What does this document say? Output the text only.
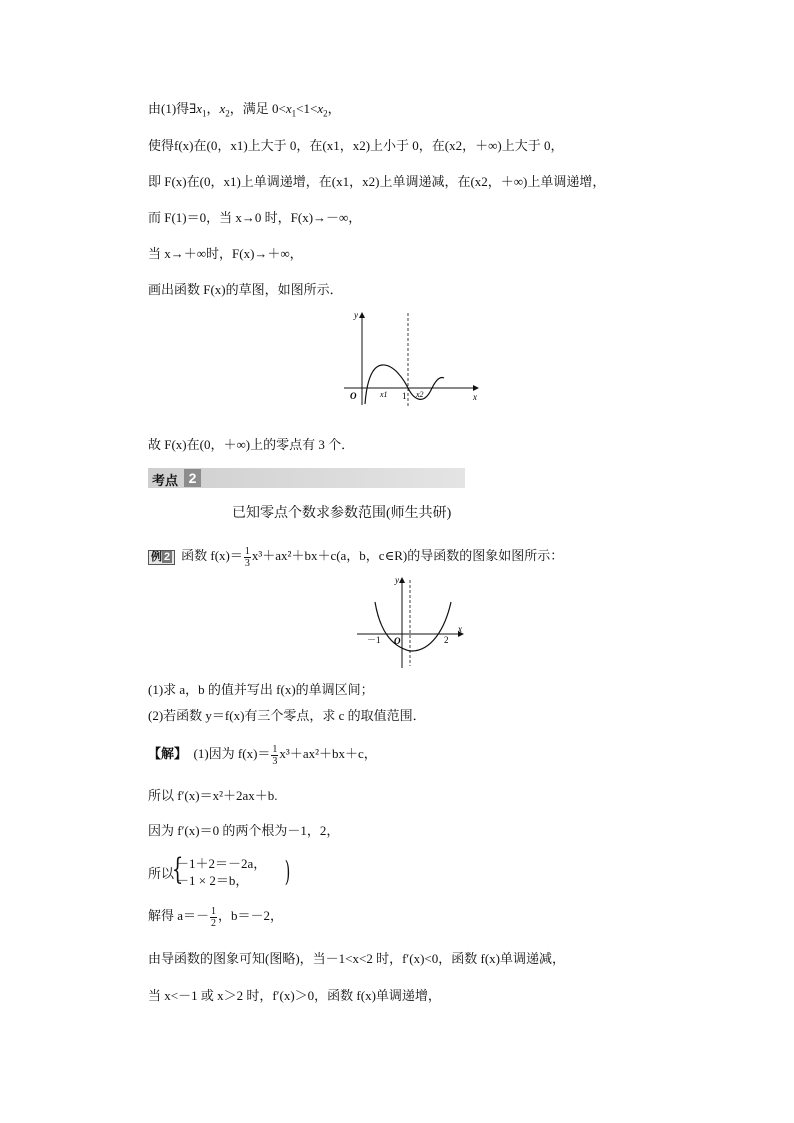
由(1)得$\exists x_1$，$x_2$，满足 $0<x_1<1<x_2$，
使得f(x)在(0，x1)上大于 0，在(x1，x2)上小于 0，在(x2，＋∞)上大于 0，
即 F(x)在(0，x1)上单调递增，在(x1，x2)上单调递减，在(x2，＋∞)上单调递增，
而 F(1)＝0，当 x→0 时，F(x)→－∞，
当 x→＋∞时，F(x)→＋∞，
画出函数 F(x)的草图，如图所示．
y
x
O	x1 1 x2
故 F(x)在(0，＋∞)上的零点有 3 个．
考点 2
已知零点个数求参数范围(师生共研)
例 2 函数 $f(x)= \frac{1}{3} x^3+ax^2+bx+c(a$，b，c∈R)的导函数的图象如图所示：
y
x
O
－1	2
(1)求 a，b 的值并写出 f(x)的单调区间；
(2)若函数 y＝f(x)有三个零点，求 c 的取值范围．
【解】 (1)因为 $f(x)= \frac{1}{3} x^3+ax^2+bx+c$，
所以 f′(x)＝x²＋2ax＋b.
因为 f′(x)＝0 的两个根为－1，2，
所以
{
－1＋2＝－2a，
－1 × 2＝b，	)
解得 $a=- \frac{1}{2}$ ，b＝－2，
由导函数的图象可知(图略)，当－1<x<2 时，f′(x)<0，函数 f(x)单调递减，
当 x<－1 或 x＞2 时，f′(x)＞0，函数 f(x)单调递增，
